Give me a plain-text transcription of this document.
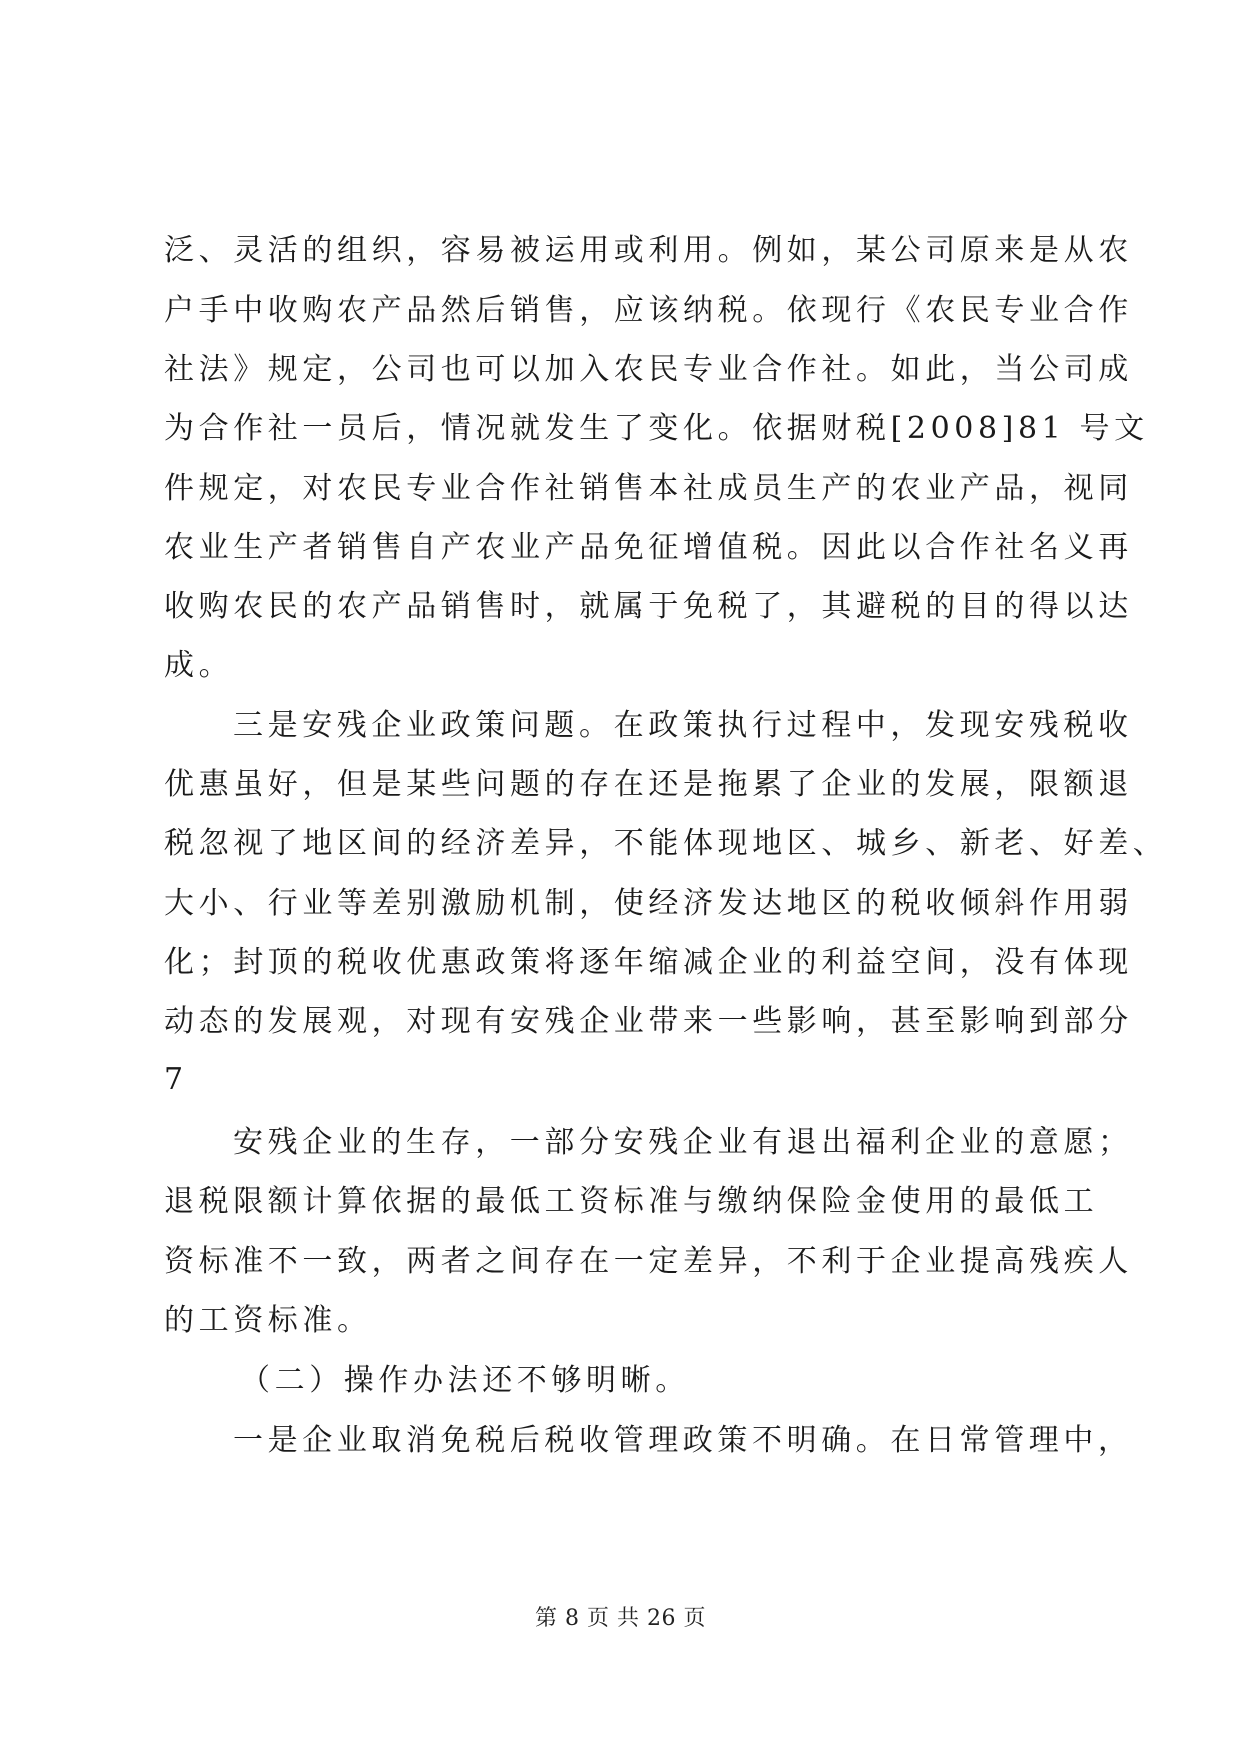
泛、灵活的组织，容易被运用或利用。例如，某公司原来是从农
户手中收购农产品然后销售，应该纳税。依现行《农民专业合作
社法》规定，公司也可以加入农民专业合作社。如此，当公司成
为合作社一员后，情况就发生了变化。依据财税[2008]81 号文
件规定，对农民专业合作社销售本社成员生产的农业产品，视同
农业生产者销售自产农业产品免征增值税。因此以合作社名义再
收购农民的农产品销售时，就属于免税了，其避税的目的得以达
成。
三是安残企业政策问题。在政策执行过程中，发现安残税收
优惠虽好，但是某些问题的存在还是拖累了企业的发展，限额退
税忽视了地区间的经济差异，不能体现地区、城乡、新老、好差、
大小、行业等差别激励机制，使经济发达地区的税收倾斜作用弱
化；封顶的税收优惠政策将逐年缩减企业的利益空间，没有体现
动态的发展观，对现有安残企业带来一些影响，甚至影响到部分
7
安残企业的生存，一部分安残企业有退出福利企业的意愿；
退税限额计算依据的最低工资标准与缴纳保险金使用的最低工
资标准不一致，两者之间存在一定差异，不利于企业提高残疾人
的工资标准。
（二）操作办法还不够明晰。
一是企业取消免税后税收管理政策不明确。在日常管理中，
第 8 页 共 26 页
